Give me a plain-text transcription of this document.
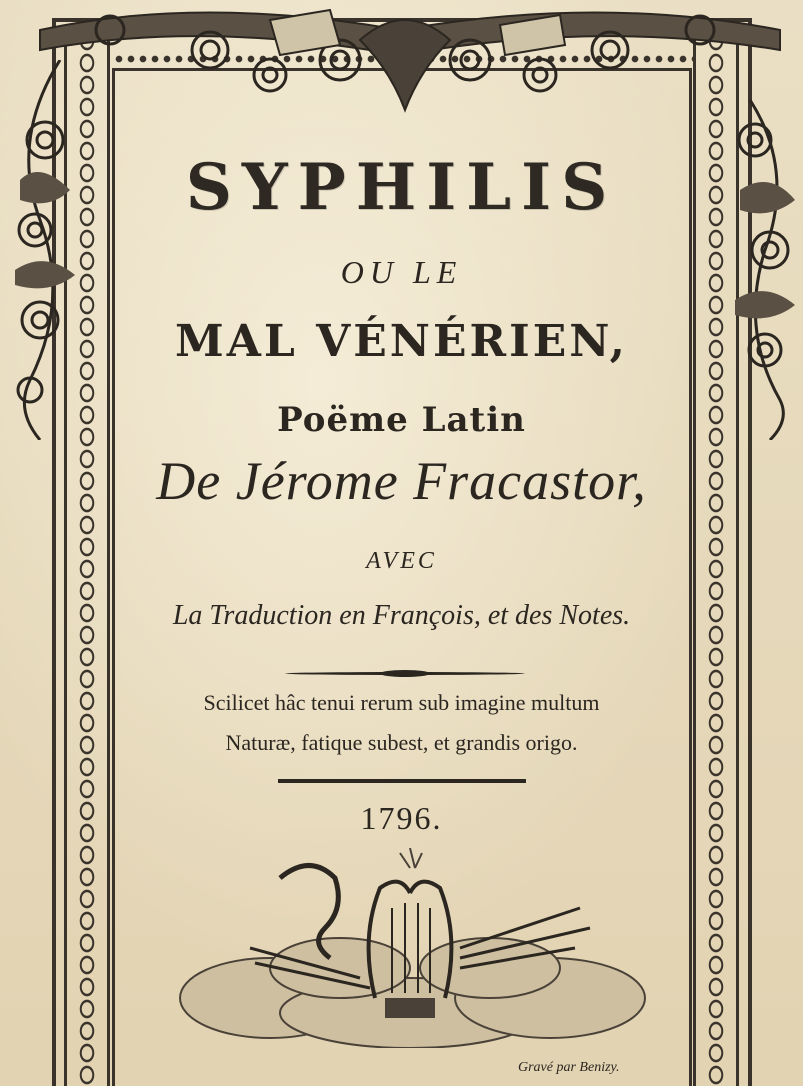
SYPHILIS
OU LE
MAL VÉNÉRIEN,
Poëme Latin
De Jérome Fracastor,
AVEC
La Traduction en François, et des Notes.
Scilicet hâc tenui rerum sub imagine multum
Naturæ, fatique subest, et grandis origo.
1796.
Gravé par Benizy.
